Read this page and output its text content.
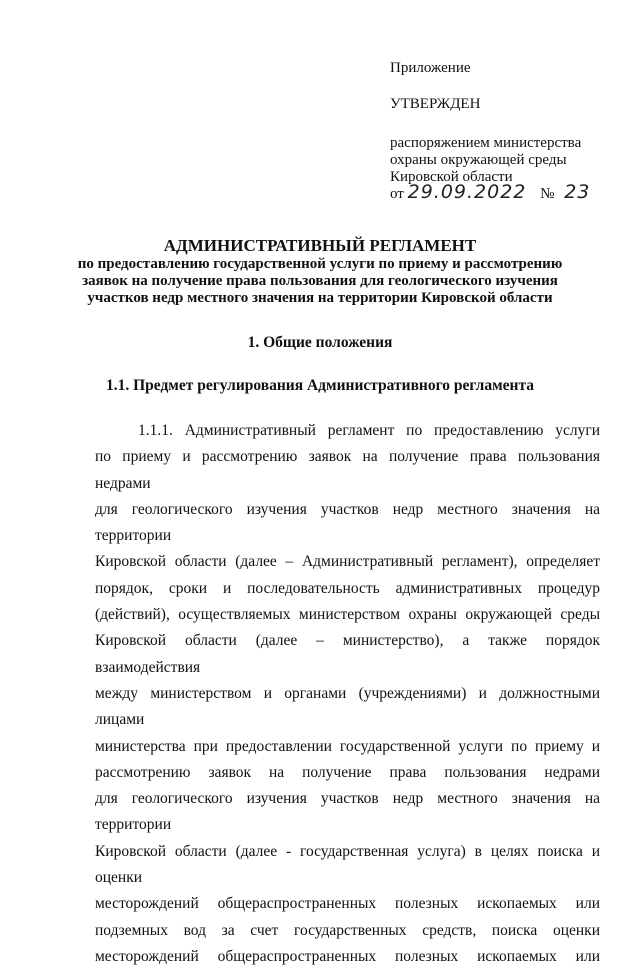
Приложение
УТВЕРЖДЕН
распоряжением министерства
охраны окружающей среды
Кировской области
от 29.09.2022 № 23
АДМИНИСТРАТИВНЫЙ РЕГЛАМЕНТ
по предоставлению государственной услуги по приему и рассмотрению
заявок на получение права пользования для геологического изучения
участков недр местного значения на территории Кировской области
1. Общие положения
1.1. Предмет регулирования Административного регламента
1.1.1. Административный регламент по предоставлению услуги
по приему и рассмотрению заявок на получение права пользования недрами
для геологического изучения участков недр местного значения на территории
Кировской области (далее – Административный регламент), определяет
порядок, сроки и последовательность административных процедур
(действий), осуществляемых министерством охраны окружающей среды
Кировской области (далее – министерство), а также порядок взаимодействия
между министерством и органами (учреждениями) и должностными лицами
министерства при предоставлении государственной услуги по приему и
рассмотрению заявок на получение права пользования недрами
для геологического изучения участков недр местного значения на территории
Кировской области (далее - государственная услуга) в целях поиска и оценки
месторождений общераспространенных полезных ископаемых или
подземных вод за счет государственных средств, поиска оценки
месторождений общераспространенных полезных ископаемых или
